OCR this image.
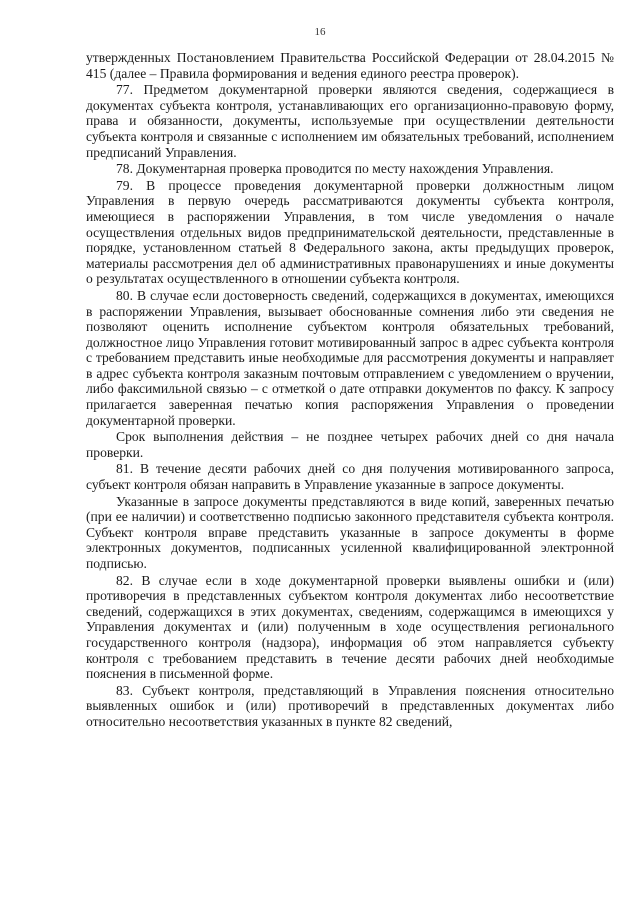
16

утвержденных Постановлением Правительства Российской Федерации от 28.04.2015 № 415 (далее – Правила формирования и ведения единого реестра проверок).

77. Предметом документарной проверки являются сведения, содержащиеся в документах субъекта контроля, устанавливающих его организационно-правовую форму, права и обязанности, документы, используемые при осуществлении деятельности субъекта контроля и связанные с исполнением им обязательных требований, исполнением предписаний Управления.

78. Документарная проверка проводится по месту нахождения Управления.

79. В процессе проведения документарной проверки должностным лицом Управления в первую очередь рассматриваются документы субъекта контроля, имеющиеся в распоряжении Управления, в том числе уведомления о начале осуществления отдельных видов предпринимательской деятельности, представленные в порядке, установленном статьей 8 Федерального закона, акты предыдущих проверок, материалы рассмотрения дел об административных правонарушениях и иные документы о результатах осуществленного в отношении субъекта контроля.

80. В случае если достоверность сведений, содержащихся в документах, имеющихся в распоряжении Управления, вызывает обоснованные сомнения либо эти сведения не позволяют оценить исполнение субъектом контроля обязательных требований, должностное лицо Управления готовит мотивированный запрос в адрес субъекта контроля с требованием представить иные необходимые для рассмотрения документы и направляет в адрес субъекта контроля заказным почтовым отправлением с уведомлением о вручении, либо факсимильной связью – с отметкой о дате отправки документов по факсу. К запросу прилагается заверенная печатью копия распоряжения Управления о проведении документарной проверки.

Срок выполнения действия – не позднее четырех рабочих дней со дня начала проверки.

81. В течение десяти рабочих дней со дня получения мотивированного запроса, субъект контроля обязан направить в Управление указанные в запросе документы.

Указанные в запросе документы представляются в виде копий, заверенных печатью (при ее наличии) и соответственно подписью законного представителя субъекта контроля. Субъект контроля вправе представить указанные в запросе документы в форме электронных документов, подписанных усиленной квалифицированной электронной подписью.

82. В случае если в ходе документарной проверки выявлены ошибки и (или) противоречия в представленных субъектом контроля документах либо несоответствие сведений, содержащихся в этих документах, сведениям, содержащимся в имеющихся у Управления документах и (или) полученным в ходе осуществления регионального государственного контроля (надзора), информация об этом направляется субъекту контроля с требованием представить в течение десяти рабочих дней необходимые пояснения в письменной форме.

83. Субъект контроля, представляющий в Управления пояснения относительно выявленных ошибок и (или) противоречий в представленных документах либо относительно несоответствия указанных в пункте 82 сведений,
